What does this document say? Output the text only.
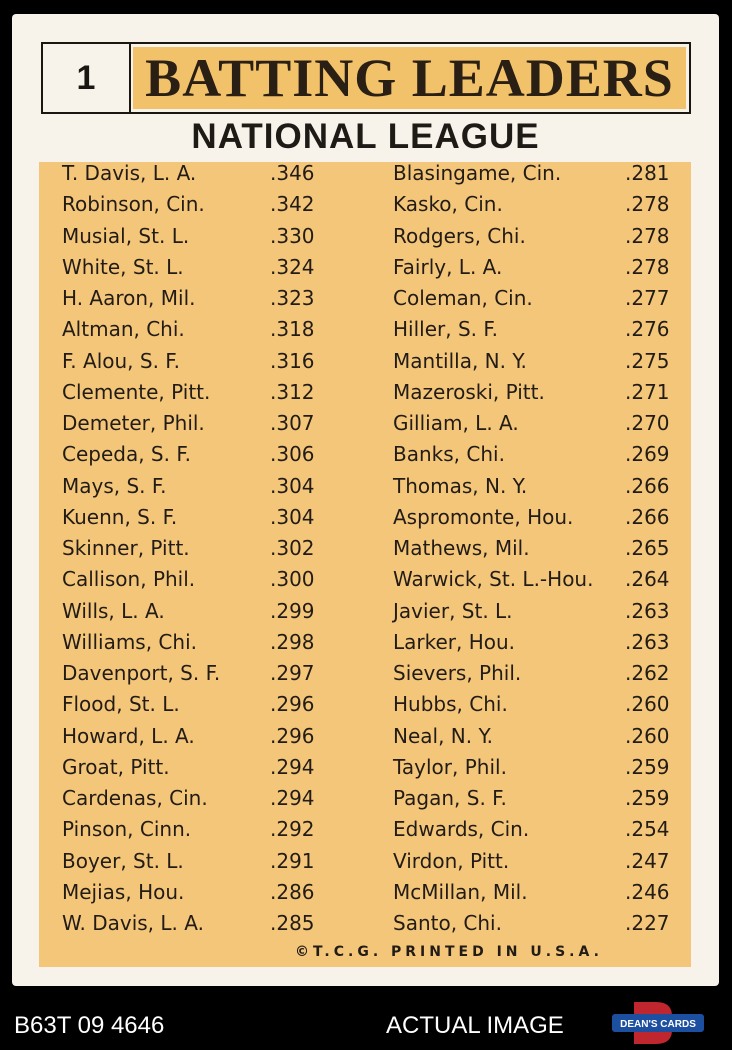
1 BATTING LEADERS
NATIONAL LEAGUE
T. Davis, L. A.	.346
Robinson, Cin.	.342
Musial, St. L.	.330
White, St. L.	.324
H. Aaron, Mil.	.323
Altman, Chi.	.318
F. Alou, S. F.	.316
Clemente, Pitt.	.312
Demeter, Phil.	.307
Cepeda, S. F.	.306
Mays, S. F.	.304
Kuenn, S. F.	.304
Skinner, Pitt.	.302
Callison, Phil.	.300
Wills, L. A.	.299
Williams, Chi.	.298
Davenport, S. F. .297
Flood, St. L.	.296
Howard, L. A.	.296
Groat, Pitt.	.294
Cardenas, Cin.	.294
Pinson, Cinn.	.292
Boyer, St. L.	.291
Mejias, Hou.	.286
W. Davis, L. A.	.285
Blasingame, Cin.	.281
Kasko, Cin.	.278
Rodgers, Chi.	.278
Fairly, L. A.	.278
Coleman, Cin.	.277
Hiller, S. F.	.276
Mantilla, N. Y.	.275
Mazeroski, Pitt.	.271
Gilliam, L. A.	.270
Banks, Chi.	.269
Thomas, N. Y.	.266
Aspromonte, Hou.	.266
Mathews, Mil.	.265
Warwick, St. L.-Hou. .264
Javier, St. L.	.263
Larker, Hou.	.263
Sievers, Phil.	.262
Hubbs, Chi.	.260
Neal, N. Y.	.260
Taylor, Phil.	.259
Pagan, S. F.	.259
Edwards, Cin.	.254
Virdon, Pitt.	.247
McMillan, Mil.	.246
Santo, Chi.	.227
©T.C.G. PRINTED IN U.S.A.
B63T 09 4646	ACTUAL IMAGE	DEAN'S CARDS
